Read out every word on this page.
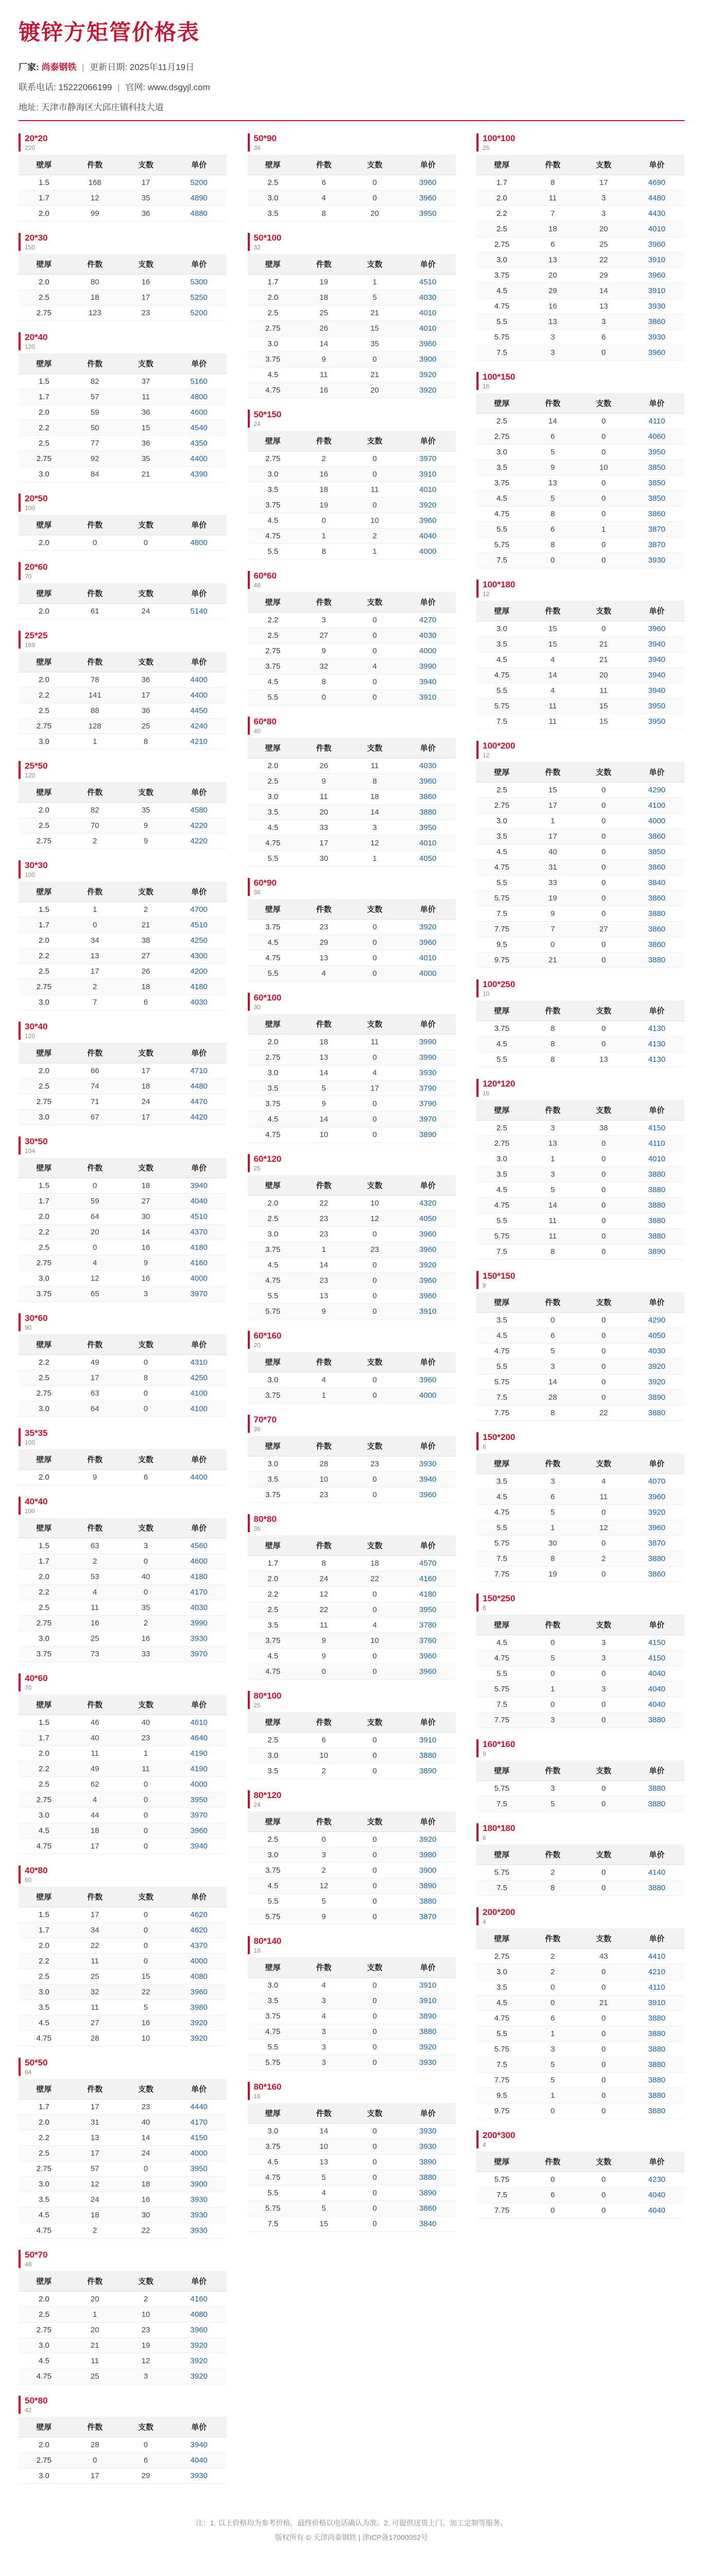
镀锌方矩管价格表
厂家: 尚泰钢铁 | 更新日期: 2025年11月19日
联系电话: 15222066199 | 官网: www.dsgyjl.com
地址: 天津市静海区大邱庄镇科技大道
20*20
220
壁厚	件数	支数	单价
1.5	168	17	5200
1.7	12	35	4890
2.0	99	36	4880
20*30
150
壁厚	件数	支数	单价
2.0	80	16	5300
2.5	18	17	5250
2.75	123	23	5200
20*40
120
壁厚	件数	支数	单价
1.5	82	37	5160
1.7	57	11	4800
2.0	59	36	4600
2.2	50	15	4540
2.5	77	36	4350
2.75	92	35	4400
3.0	84	21	4390
20*50
100
壁厚	件数	支数	单价
2.0	0	0	4800
20*60
70
壁厚	件数	支数	单价
2.0	61	24	5140
25*25
169
壁厚	件数	支数	单价
2.0	78	36	4400
2.2	141	17	4400
2.5	88	36	4450
2.75	128	25	4240
3.0	1	8	4210
25*50
120
壁厚	件数	支数	单价
2.0	82	35	4580
2.5	70	9	4220
2.75	2	9	4220
30*30
100
壁厚	件数	支数	单价
1.5	1	2	4700
1.7	0	21	4510
2.0	34	38	4250
2.2	13	27	4300
2.5	17	26	4200
2.75	2	18	4180
3.0	7	6	4030
30*40
120
壁厚	件数	支数	单价
2.0	66	17	4710
2.5	74	18	4480
2.75	71	24	4470
3.0	67	17	4420
30*50
104
壁厚	件数	支数	单价
1.5	0	18	3940
1.7	59	27	4040
2.0	64	30	4510
2.2	20	14	4370
2.5	0	16	4180
2.75	4	9	4160
3.0	12	16	4000
3.75	65	3	3970
30*60
90
壁厚	件数	支数	单价
2.2	49	0	4310
2.5	17	8	4250
2.75	63	0	4100
3.0	64	0	4100
35*35
100
壁厚	件数	支数	单价
2.0	9	6	4400
40*40
100
壁厚	件数	支数	单价
1.5	63	3	4560
1.7	2	0	4600
2.0	53	40	4180
2.2	4	0	4170
2.5	11	35	4030
2.75	16	2	3990
3.0	25	16	3930
3.75	73	33	3970
40*60
70
壁厚	件数	支数	单价
1.5	46	40	4610
1.7	40	23	4640
2.0	11	1	4190
2.2	49	11	4190
2.5	62	0	4000
2.75	4	0	3950
3.0	44	0	3970
4.5	18	0	3960
4.75	17	0	3940
40*80
60
壁厚	件数	支数	单价
1.5	17	0	4620
1.7	34	0	4620
2.0	22	0	4370
2.2	11	0	4000
2.5	25	15	4080
3.0	32	22	3960
3.5	11	5	3980
4.5	27	16	3920
4.75	28	10	3920
50*50
64
壁厚	件数	支数	单价
1.7	17	23	4440
2.0	31	40	4170
2.2	13	14	4150
2.5	17	24	4000
2.75	57	0	3950
3.0	12	18	3900
3.5	24	16	3930
4.5	18	30	3930
4.75	2	22	3930
50*70
48
壁厚	件数	支数	单价
2.0	20	2	4160
2.5	1	10	4080
2.75	20	23	3960
3.0	21	19	3920
4.5	11	12	3920
4.75	25	3	3920
50*80
42
壁厚	件数	支数	单价
2.0	28	0	3940
2.75	0	6	4040
3.0	17	29	3930
50*90
36
壁厚	件数	支数	单价
2.5	6	0	3960
3.0	4	0	3960
3.5	8	20	3950
50*100
32
壁厚	件数	支数	单价
1.7	19	1	4510
2.0	18	5	4030
2.5	25	21	4010
2.75	26	15	4010
3.0	14	35	3960
3.75	9	0	3900
4.5	11	21	3920
4.75	16	20	3920
50*150
24
壁厚	件数	支数	单价
2.75	2	0	3970
3.0	16	0	3910
3.5	18	11	4010
3.75	19	0	3920
4.5	0	10	3960
4.75	1	2	4040
5.5	8	1	4000
60*60
48
壁厚	件数	支数	单价
2.2	3	0	4270
2.5	27	0	4030
2.75	9	0	4000
3.75	32	4	3990
4.5	8	0	3940
5.5	0	0	3910
60*80
40
壁厚	件数	支数	单价
2.0	26	11	4030
2.5	9	8	3960
3.0	11	18	3860
3.5	20	14	3880
4.5	33	3	3950
4.75	17	12	4010
5.5	30	1	4050
60*90
36
壁厚	件数	支数	单价
3.75	23	0	3920
4.5	29	0	3960
4.75	13	0	4010
5.5	4	0	4000
60*100
30
壁厚	件数	支数	单价
2.0	18	11	3990
2.75	13	0	3990
3.0	14	4	3930
3.5	5	17	3790
3.75	9	0	3790
4.5	14	0	3970
4.75	10	0	3890
60*120
25
壁厚	件数	支数	单价
2.0	22	10	4320
2.5	23	12	4050
3.0	23	0	3960
3.75	1	23	3960
4.5	14	0	3920
4.75	23	0	3960
5.5	13	0	3960
5.75	9	0	3910
60*160
20
壁厚	件数	支数	单价
3.0	4	0	3960
3.75	1	0	4000
70*70
36
壁厚	件数	支数	单价
3.0	28	23	3930
3.5	10	0	3940
3.75	23	0	3960
80*80
36
壁厚	件数	支数	单价
1.7	8	18	4570
2.0	24	22	4160
2.2	12	0	4180
2.5	22	0	3950
3.5	11	4	3780
3.75	9	10	3760
4.5	9	0	3960
4.75	0	0	3960
80*100
25
壁厚	件数	支数	单价
2.5	6	0	3910
3.0	10	0	3880
3.5	2	0	3890
80*120
24
壁厚	件数	支数	单价
2.5	0	0	3920
3.0	3	0	3980
3.75	2	0	3900
4.5	12	0	3890
5.5	5	0	3880
5.75	9	0	3870
80*140
18
壁厚	件数	支数	单价
3.0	4	0	3910
3.5	3	0	3910
3.75	4	0	3890
4.75	3	0	3880
5.5	3	0	3920
5.75	3	0	3930
80*160
16
壁厚	件数	支数	单价
3.0	14	0	3930
3.75	10	0	3930
4.5	13	0	3890
4.75	5	0	3880
5.5	4	0	3890
5.75	5	0	3860
7.5	15	0	3840
100*100
25
壁厚	件数	支数	单价
1.7	8	17	4690
2.0	11	3	4480
2.2	7	3	4430
2.5	18	20	4010
2.75	6	25	3960
3.0	13	22	3910
3.75	20	29	3960
4.5	29	14	3910
4.75	16	13	3930
5.5	13	3	3860
5.75	3	6	3930
7.5	3	0	3960
100*150
16
壁厚	件数	支数	单价
2.5	14	0	4110
2.75	6	0	4060
3.0	5	0	3950
3.5	9	10	3850
3.75	13	0	3850
4.5	5	0	3850
4.75	8	0	3860
5.5	6	1	3870
5.75	8	0	3870
7.5	0	0	3930
100*180
12
壁厚	件数	支数	单价
3.0	15	0	3960
3.5	15	21	3940
4.5	4	21	3940
4.75	14	20	3940
5.5	4	11	3940
5.75	11	15	3950
7.5	11	15	3950
100*200
12
壁厚	件数	支数	单价
2.5	15	0	4290
2.75	17	0	4100
3.0	1	0	4000
3.5	17	0	3860
4.5	40	0	3850
4.75	31	0	3860
5.5	33	0	3840
5.75	19	0	3860
7.5	9	0	3880
7.75	7	27	3860
9.5	0	0	3860
9.75	21	0	3880
100*250
10
壁厚	件数	支数	单价
3.75	8	0	4130
4.5	8	0	4130
5.5	8	13	4130
120*120
16
壁厚	件数	支数	单价
2.5	3	38	4150
2.75	13	0	4110
3.0	1	0	4010
3.5	3	0	3880
4.5	5	0	3880
4.75	14	0	3880
5.5	11	0	3880
5.75	11	0	3880
7.5	8	0	3890
150*150
9
壁厚	件数	支数	单价
3.5	0	0	4290
4.5	6	0	4050
4.75	5	0	4030
5.5	3	0	3920
5.75	14	0	3920
7.5	28	0	3890
7.75	8	22	3880
150*200
6
壁厚	件数	支数	单价
3.5	3	4	4070
4.5	6	11	3960
4.75	5	0	3920
5.5	1	12	3960
5.75	30	0	3870
7.5	8	2	3880
7.75	19	0	3860
150*250
6
壁厚	件数	支数	单价
4.5	0	3	4150
4.75	5	3	4150
5.5	0	0	4040
5.75	1	3	4040
7.5	0	0	4040
7.75	3	0	3880
160*160
9
壁厚	件数	支数	单价
5.75	3	0	3880
7.5	5	0	3880
180*180
6
壁厚	件数	支数	单价
5.75	2	0	4140
7.5	8	0	3880
200*200
4
壁厚	件数	支数	单价
2.75	2	43	4410
3.0	2	0	4210
3.5	0	0	4110
4.5	0	21	3910
4.75	6	0	3880
5.5	1	0	3880
5.75	3	0	3880
7.5	5	0	3880
7.75	5	0	3880
9.5	1	0	3880
9.75	0	0	3880
200*300
4
壁厚	件数	支数	单价
5.75	0	0	4230
7.5	6	0	4040
7.75	0	0	4040
注：1. 以上价格均为参考价格，最终价格以电话确认为准。2. 可提供送货上门、加工定制等服务。
版权所有 © 天津尚泰钢铁 | 津ICP备17000052号
